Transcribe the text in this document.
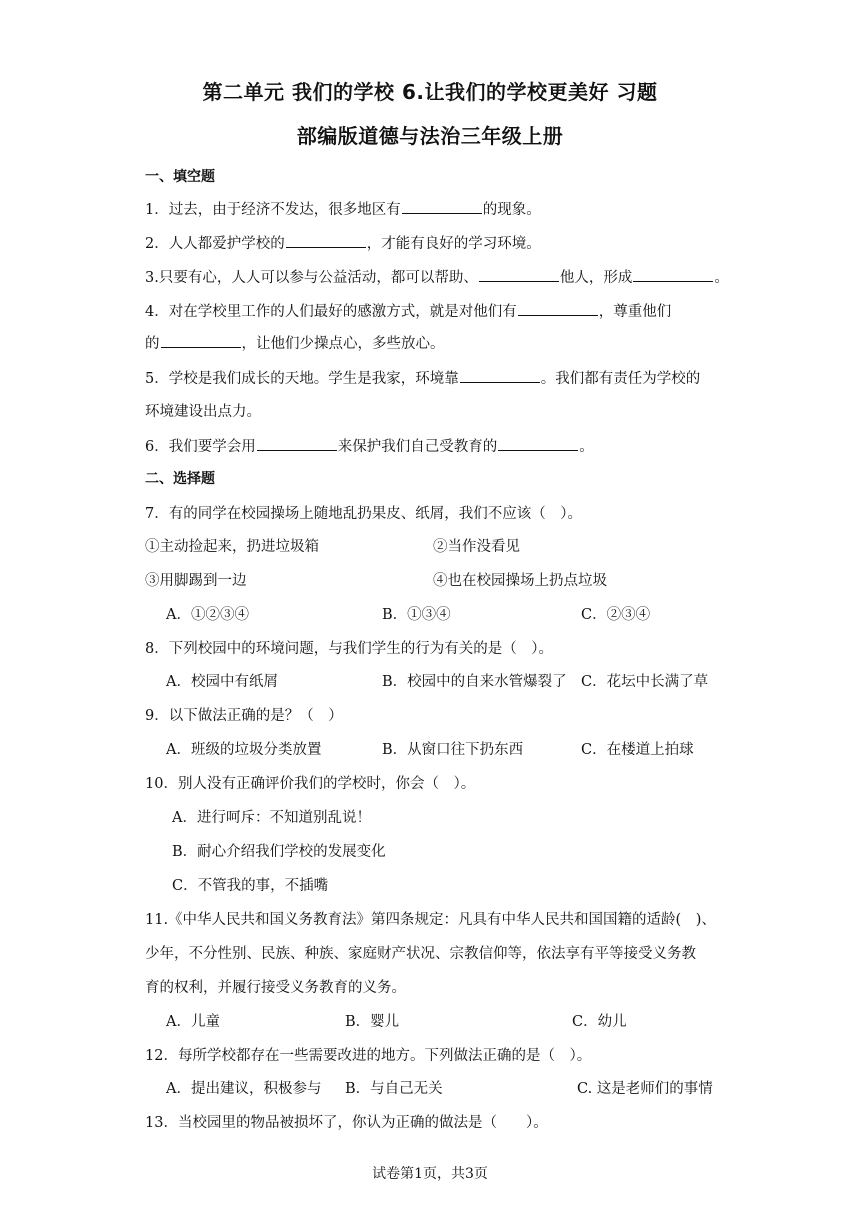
第二单元 我们的学校 6.让我们的学校更美好 习题
部编版道德与法治三年级上册
一、填空题
1．过去，由于经济不发达，很多地区有	的现象。
2．人人都爱护学校的	，才能有良好的学习环境。
3.只要有心，人人可以参与公益活动，都可以帮助、	他人，形成	。
4．对在学校里工作的人们最好的感激方式，就是对他们有	，尊重他们
的	，让他们少操点心，多些放心。
5．学校是我们成长的天地。学生是我家，环境靠	。我们都有责任为学校的
环境建设出点力。
6．我们要学会用	来保护我们自己受教育的	。
二、选择题
7．有的同学在校园操场上随地乱扔果皮、纸屑，我们不应该（　）。
①主动捡起来，扔进垃圾箱	②当作没看见
③用脚踢到一边	④也在校园操场上扔点垃圾
A．①②③④	B．①③④	C．②③④
8．下列校园中的环境问题，与我们学生的行为有关的是（　）。
A．校园中有纸屑	B．校园中的自来水管爆裂了 C．花坛中长满了草
9．以下做法正确的是？（　）
A．班级的垃圾分类放置	B．从窗口往下扔东西	C．在楼道上拍球
10．别人没有正确评价我们的学校时，你会（　）。
A．进行呵斥：不知道别乱说！
B．耐心介绍我们学校的发展变化
C．不管我的事，不插嘴
11.《中华人民共和国义务教育法》第四条规定：凡具有中华人民共和国国籍的适龄(　)、
少年，不分性别、民族、种族、家庭财产状况、宗教信仰等，依法享有平等接受义务教
育的权利，并履行接受义务教育的义务。
A．儿童	B．婴儿	C．幼儿
12．每所学校都存在一些需要改进的地方。下列做法正确的是（　）。
A．提出建议，积极参与 B．与自己无关	C. 这是老师们的事情
13．当校园里的物品被损坏了，你认为正确的做法是（　　）。
试卷第1页，共3页
